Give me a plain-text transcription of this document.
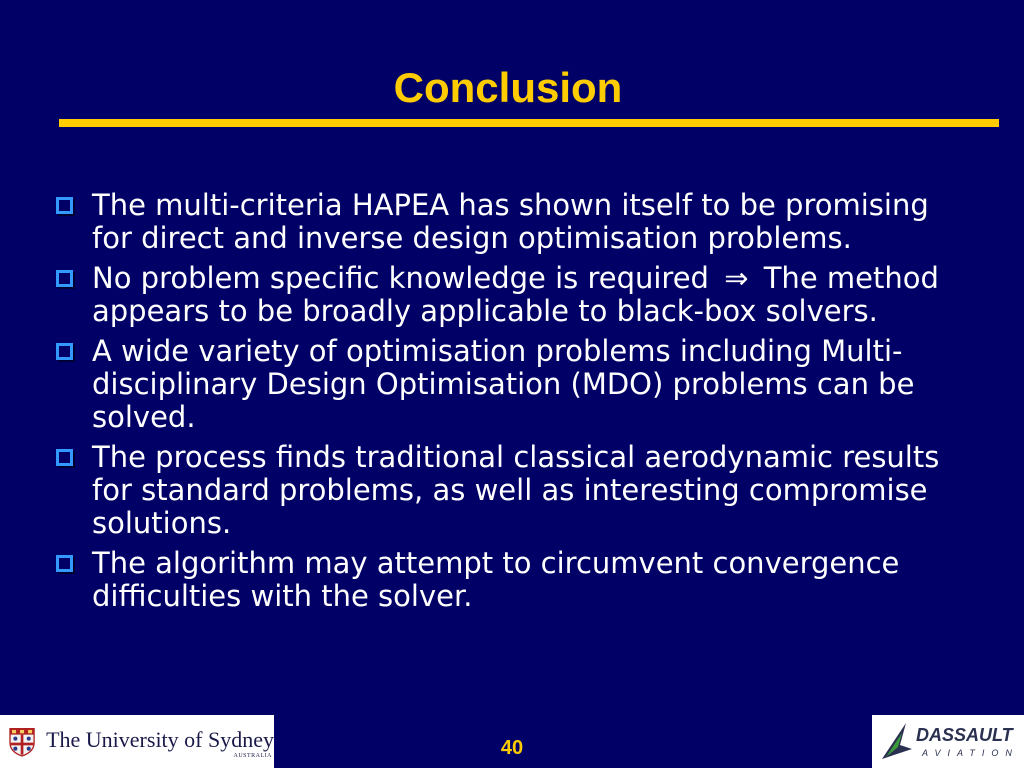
Conclusion
The multi-criteria HAPEA has shown itself to be promising for direct and inverse design optimisation problems.
No problem specific knowledge is required ⇒ The method appears to be broadly applicable to black-box solvers.
A wide variety of optimisation problems including Multi-disciplinary Design Optimisation (MDO) problems can be solved.
The process finds traditional classical aerodynamic results for standard problems, as well as interesting compromise solutions.
The algorithm may attempt to circumvent convergence difficulties with the solver.
The University of Sydney
AUSTRALIA	40
DASSAULT
AVIATION
